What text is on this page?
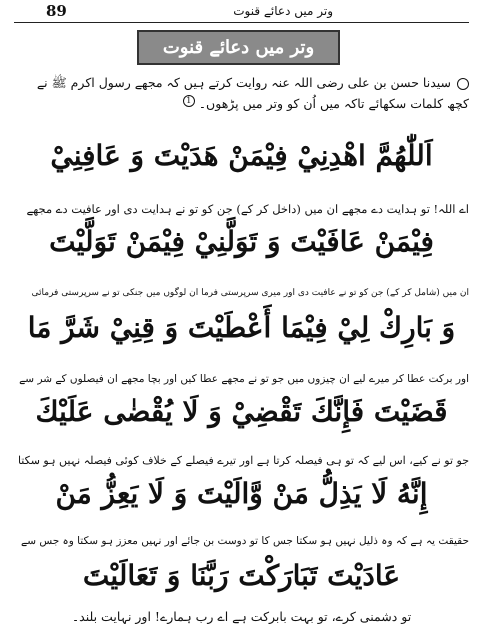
89	وتر میں دعائے قنوت
وتر میں دعائے قنوت
سیدنا حسن بن علی رضی اللہ عنہ روایت کرتے ہیں کہ مجھے رسول اکرم ﷺ نے کچھ کلمات سکھائے تاکہ میں اُن کو وتر میں پڑھوں۔1
اَللّٰهُمَّ اهْدِنِيْ فِيْمَنْ هَدَيْتَ وَ عَافِنِيْ
اے اللہ! تو ہدایت دے مجھے ان میں (داخل کر کے) جن کو تو نے ہدایت دی اور عافیت دے مجھے
فِيْمَنْ عَافَيْتَ وَ تَوَلَّنِيْ فِيْمَنْ تَوَلَّيْتَ
ان میں (شامل کر کے) جن کو تو نے عافیت دی اور میری سرپرستی فرما ان لوگوں میں جنکی تو نے سرپرستی فرمائی
وَ بَارِكْ لِيْ فِيْمَا أَعْطَيْتَ وَ قِنِيْ شَرَّ مَا
اور برکت عطا کر میرے لیے ان چیزوں میں جو تو نے مجھے عطا کیں اور بچا مجھے ان فیصلوں کے شر سے
قَضَيْتَ فَإِنَّكَ تَقْضِيْ وَ لَا يُقْضٰى عَلَيْكَ
جو تو نے کیے، اس لیے کہ تو ہی فیصلہ کرتا ہے اور تیرے فیصلے کے خلاف کوئی فیصلہ نہیں ہو سکتا
إِنَّهُ لَا يَذِلُّ مَنْ وَّالَيْتَ وَ لَا يَعِزُّ مَنْ
حقیقت یہ ہے کہ وہ ذلیل نہیں ہو سکتا جس کا تو دوست بن جائے اور نہیں معزز ہو سکتا وہ جس سے
عَادَيْتَ تَبَارَكْتَ رَبَّنَا وَ تَعَالَيْتَ
تو دشمنی کرے، تو بہت بابرکت ہے اے رب ہمارے! اور نہایت بلند۔
